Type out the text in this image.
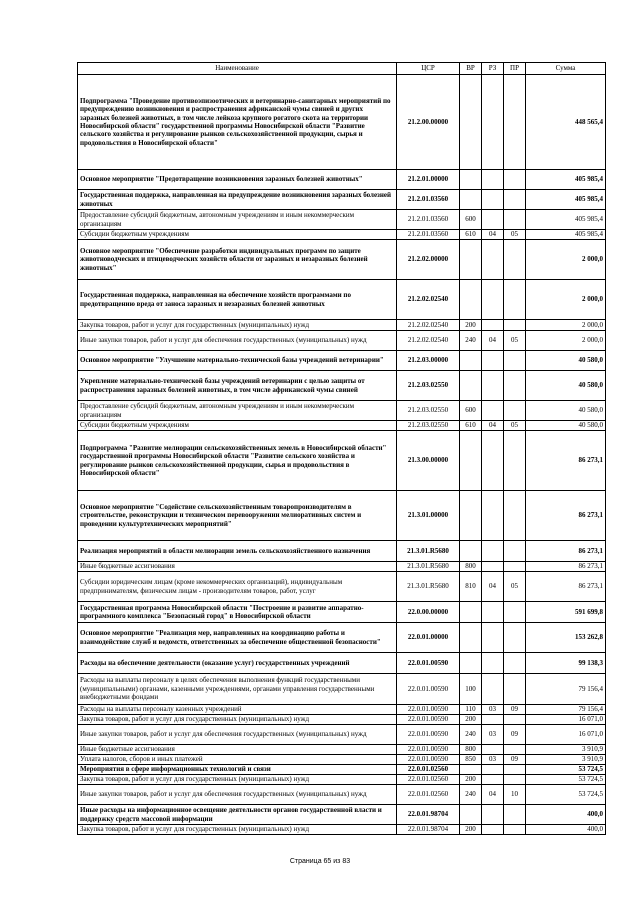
Наименование	ЦСР	ВР	РЗ	ПР	Сумма
Подпрограмма "Проведение противоэпизоотических и ветеринарно-санитарных мероприятий по предупреждению возникновения и распространения африканской чумы свиней и других заразных болезней животных, в том числе лейкоза крупного рогатого скота на территории Новосибирской области" государственной программы Новосибирской области "Развитие сельского хозяйства и регулирование рынков сельскохозяйственной продукции, сырья и продовольствия в Новосибирской области"	21.2.00.00000				448 565,4
Основное мероприятие "Предотвращение возникновения заразных болезней животных"	21.2.01.00000				405 985,4
Государственная поддержка, направленная на предупреждение возникновения заразных болезней животных	21.2.01.03560				405 985,4
Предоставление субсидий бюджетным, автономным учреждениям и иным некоммерческим организациям	21.2.01.03560	600			405 985,4
Субсидии бюджетным учреждениям	21.2.01.03560	610	04	05	405 985,4
Основное мероприятие "Обеспечение разработки индивидуальных программ по защите животноводческих и птицеводческих хозяйств области от заразных и незаразных болезней животных"	21.2.02.00000				2 000,0
Государственная поддержка, направленная на обеспечение хозяйств программами по предотвращению вреда от заноса заразных и незаразных болезней животных	21.2.02.02540				2 000,0
Закупка товаров, работ и услуг для государственных (муниципальных) нужд	21.2.02.02540	200			2 000,0
Иные закупки товаров, работ и услуг для обеспечения государственных (муниципальных) нужд	21.2.02.02540	240	04	05	2 000,0
Основное мероприятие "Улучшение материально-технической базы учреждений ветеринарии"	21.2.03.00000				40 580,0
Укрепление материально-технической базы учреждений ветеринарии с целью защиты от распространения заразных болезней животных, в том числе африканской чумы свиней	21.2.03.02550				40 580,0
Предоставление субсидий бюджетным, автономным учреждениям и иным некоммерческим организациям	21.2.03.02550	600			40 580,0
Субсидии бюджетным учреждениям	21.2.03.02550	610	04	05	40 580,0
Подпрограмма "Развитие мелиорации сельскохозяйственных земель в Новосибирской области" государственной программы Новосибирской области "Развитие сельского хозяйства и регулирование рынков сельскохозяйственной продукции, сырья и продовольствия в Новосибирской области"	21.3.00.00000				86 273,1
Основное мероприятие "Содействие сельскохозяйственным товаропроизводителям в строительстве, реконструкции и техническом перевооружении мелиоративных систем и проведении культуртехнических мероприятий"	21.3.01.00000				86 273,1
Реализация мероприятий в области мелиорации земель сельскохозяйственного назначения	21.3.01.R5680				86 273,1
Иные бюджетные ассигнования	21.3.01.R5680	800			86 273,1
Субсидии юридическим лицам (кроме некоммерческих организаций), индивидуальным предпринимателям, физическим лицам - производителям товаров, работ, услуг	21.3.01.R5680	810	04	05	86 273,1
Государственная программа Новосибирской области "Построение и развитие аппаратно-программного комплекса "Безопасный город" в Новосибирской области	22.0.00.00000				591 699,8
Основное мероприятие "Реализация мер, направленных на координацию работы и взаимодействие служб и ведомств, ответственных за обеспечение общественной безопасности"	22.0.01.00000				153 262,8
Расходы на обеспечение деятельности (оказание услуг) государственных учреждений	22.0.01.00590				99 138,3
Расходы на выплаты персоналу в целях обеспечения выполнения функций государственными (муниципальными) органами, казенными учреждениями, органами управления государственными внебюджетными фондами	22.0.01.00590	100			79 156,4
Расходы на выплаты персоналу казенных учреждений	22.0.01.00590	110	03	09	79 156,4
Закупка товаров, работ и услуг для государственных (муниципальных) нужд	22.0.01.00590	200			16 071,0
Иные закупки товаров, работ и услуг для обеспечения государственных (муниципальных) нужд	22.0.01.00590	240	03	09	16 071,0
Иные бюджетные ассигнования	22.0.01.00590	800			3 910,9
Уплата налогов, сборов и иных платежей	22.0.01.00590	850	03	09	3 910,9
Мероприятия в сфере информационных технологий и связи	22.0.01.02560				53 724,5
Закупка товаров, работ и услуг для государственных (муниципальных) нужд	22.0.01.02560	200			53 724,5
Иные закупки товаров, работ и услуг для обеспечения государственных (муниципальных) нужд	22.0.01.02560	240	04	10	53 724,5
Иные расходы на информационное освещение деятельности органов государственной власти и поддержку средств массовой информации	22.0.01.98704				400,0
Закупка товаров, работ и услуг для государственных (муниципальных) нужд	22.0.01.98704	200			400,0
Страница 65 из 83
